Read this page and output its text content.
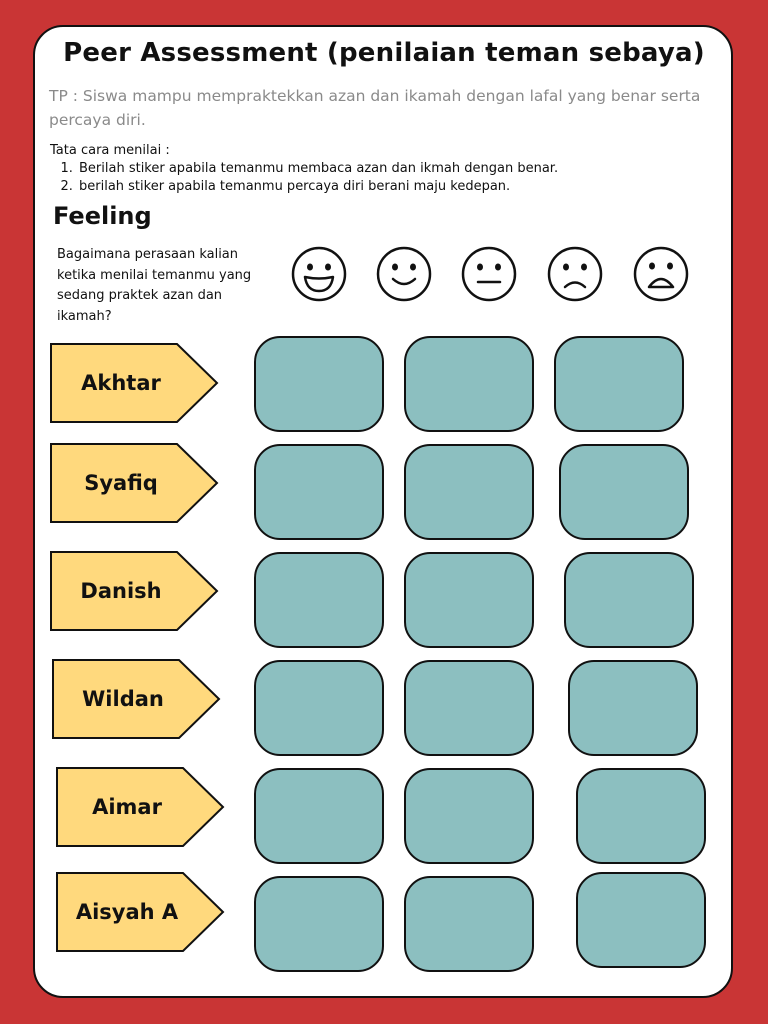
Peer Assessment (penilaian teman sebaya)
TP : Siswa mampu mempraktekkan azan dan ikamah dengan lafal yang benar serta percaya diri.
Tata cara menilai :
1. Berilah stiker apabila temanmu membaca azan dan ikmah dengan benar.
2. berilah stiker apabila temanmu percaya diri berani maju kedepan.
Feeling
Bagaimana perasaan kalian ketika menilai temanmu yang sedang praktek azan dan ikamah?
Akhtar
Syafiq
Danish
Wildan
Aimar
Aisyah A
